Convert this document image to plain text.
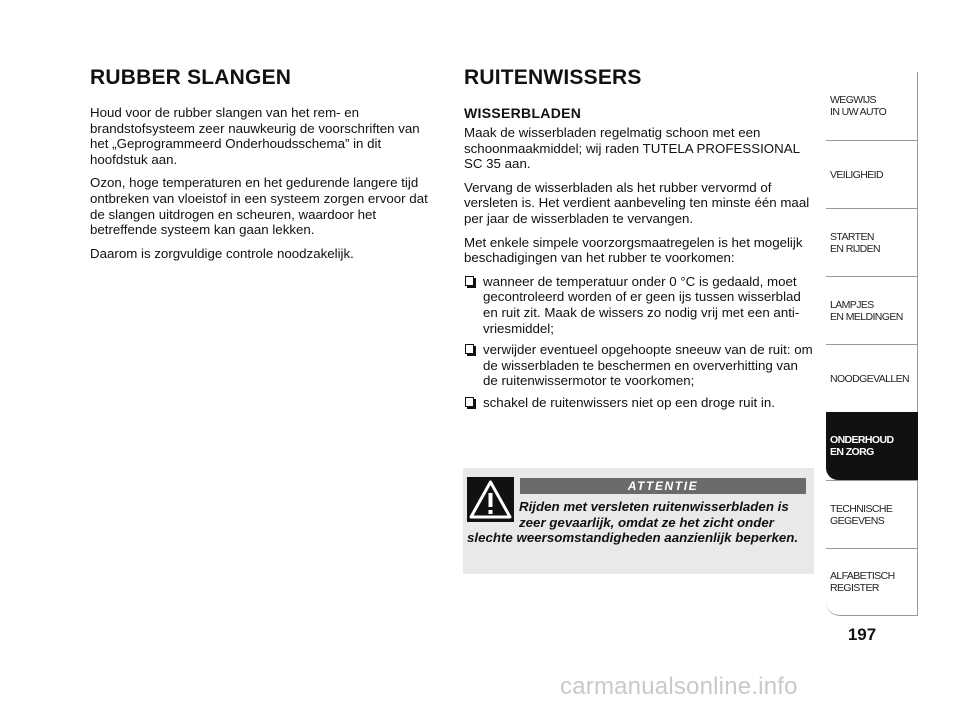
RUBBER SLANGEN

Houd voor de rubber slangen van het rem- en brandstofsysteem zeer nauwkeurig de voorschriften van het „Geprogrammeerd Onderhoudsschema” in dit hoofdstuk aan.

Ozon, hoge temperaturen en het gedurende langere tijd ontbreken van vloeistof in een systeem zorgen ervoor dat de slangen uitdrogen en scheuren, waardoor het betreffende systeem kan gaan lekken.

Daarom is zorgvuldige controle noodzakelijk.

RUITENWISSERS
WISSERBLADEN

Maak de wisserbladen regelmatig schoon met een schoonmaakmiddel; wij raden TUTELA PROFESSIONAL SC 35 aan.

Vervang de wisserbladen als het rubber vervormd of versleten is. Het verdient aanbeveling ten minste één maal per jaar de wisserbladen te vervangen.

Met enkele simpele voorzorgsmaatregelen is het mogelijk beschadigingen van het rubber te voorkomen:

wanneer de temperatuur onder 0 °C is gedaald, moet gecontroleerd worden of er geen ijs tussen wisserblad en ruit zit. Maak de wissers zo nodig vrij met een anti-vriesmiddel;
verwijder eventueel opgehoopte sneeuw van de ruit: om de wisserbladen te beschermen en oververhitting van de ruitenwissermotor te voorkomen;
schakel de ruitenwissers niet op een droge ruit in.
ATTENTIE
Rijden met versleten ruitenwisserbladen is zeer gevaarlijk, omdat ze het zicht onder slechte weersomstandigheden aanzienlijk beperken.
WEGWIJS
IN UW AUTO
VEILIGHEID
STARTEN
EN RIJDEN
LAMPJES
EN MELDINGEN
NOODGEVALLEN
ONDERHOUD
EN ZORG
TECHNISCHE
GEGEVENS
ALFABETISCH
REGISTER
197
carmanualsonline.info
